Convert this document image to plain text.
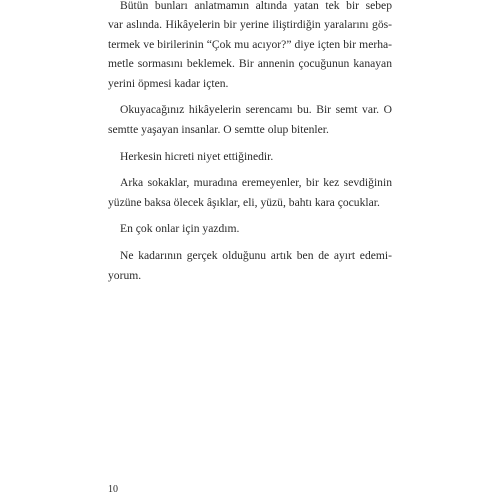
Bütün bunları anlatmamın altında yatan tek bir sebep
var aslında. Hikâyelerin bir yerine iliştirdiğin yaralarını gös-
termek ve birilerinin “Çok mu acıyor?” diye içten bir merha-
metle sormasını beklemek. Bir annenin çocuğunun kanayan
yerini öpmesi kadar içten.
Okuyacağınız hikâyelerin serencamı bu. Bir semt var. O
semtte yaşayan insanlar. O semtte olup bitenler.
Herkesin hicreti niyet ettiğinedir.
Arka sokaklar, muradına eremeyenler, bir kez sevdiğinin
yüzüne baksa ölecek âşıklar, eli, yüzü, bahtı kara çocuklar.
En çok onlar için yazdım.
Ne kadarının gerçek olduğunu artık ben de ayırt edemi-
yorum.
10
